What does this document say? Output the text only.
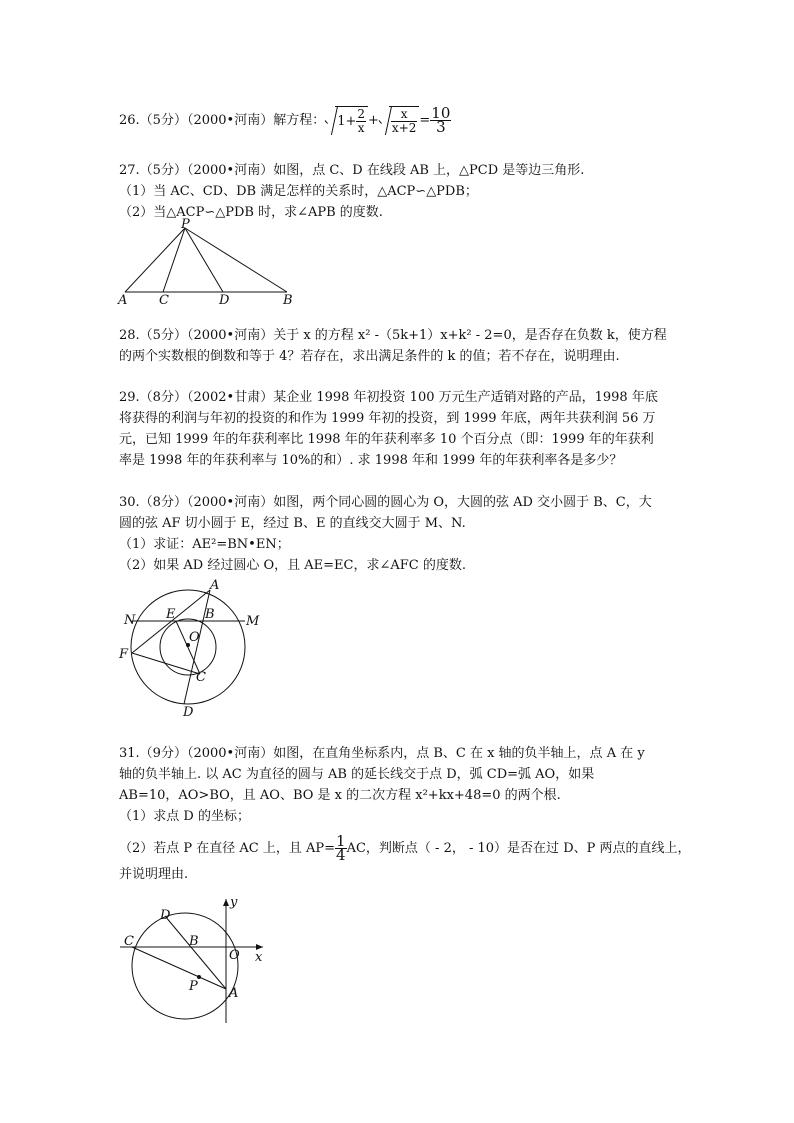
26.（5分）（2000•河南）解方程： $1+ \frac{2}{x} + \frac{x}{x+2} = \frac{10}{3}$
27.（5分）（2000•河南）如图，点 C、D 在线段 AB 上，△PCD 是等边三角形.
（1）当 AC、CD、DB 满足怎样的关系时，△ACP∽△PDB；
（2）当△ACP∽△PDB 时，求∠APB 的度数.
P
A C	D	B
28.（5分）（2000•河南）关于 x 的方程 x² -（5k+1）x+k² - 2=0，是否存在负数 k，使方程
的两个实数根的倒数和等于 4？若存在，求出满足条件的 k 的值；若不存在，说明理由.
29.（8分）（2002•甘肃）某企业 1998 年初投资 100 万元生产适销对路的产品，1998 年底
将获得的利润与年初的投资的和作为 1999 年初的投资，到 1999 年底，两年共获利润 56 万
元，已知 1999 年的年获利率比 1998 年的年获利率多 10 个百分点（即：1999 年的年获利
率是 1998 年的年获利率与 10%的和）. 求 1998 年和 1999 年的年获利率各是多少？
30.（8分）（2000•河南）如图，两个同心圆的圆心为 O，大圆的弦 AD 交小圆于 B、C，大
圆的弦 AF 切小圆于 E，经过 B、E 的直线交大圆于 M、N.
（1）求证：AE²=BN•EN；
（2）如果 AD 经过圆心 O，且 AE=EC，求∠AFC 的度数.
A
N E B M
O
F
C
D
31.（9分）（2000•河南）如图，在直角坐标系内，点 B、C 在 x 轴的负半轴上，点 A 在 y
轴的负半轴上. 以 AC 为直径的圆与 AB 的延长线交于点 D，弧 CD=弧 AO，如果
AB=10，AO>BO，且 AO、BO 是 x 的二次方程 x²+kx+48=0 的两个根.
（1）求点 D 的坐标；
（2）若点 P 在直径 AC 上，且 $AP= \frac{1}{4}$ AC，判断点（ - 2， - 10）是否在过 D、P 两点的直线上，
并说明理由.
y
D
C	B
O x
P A
